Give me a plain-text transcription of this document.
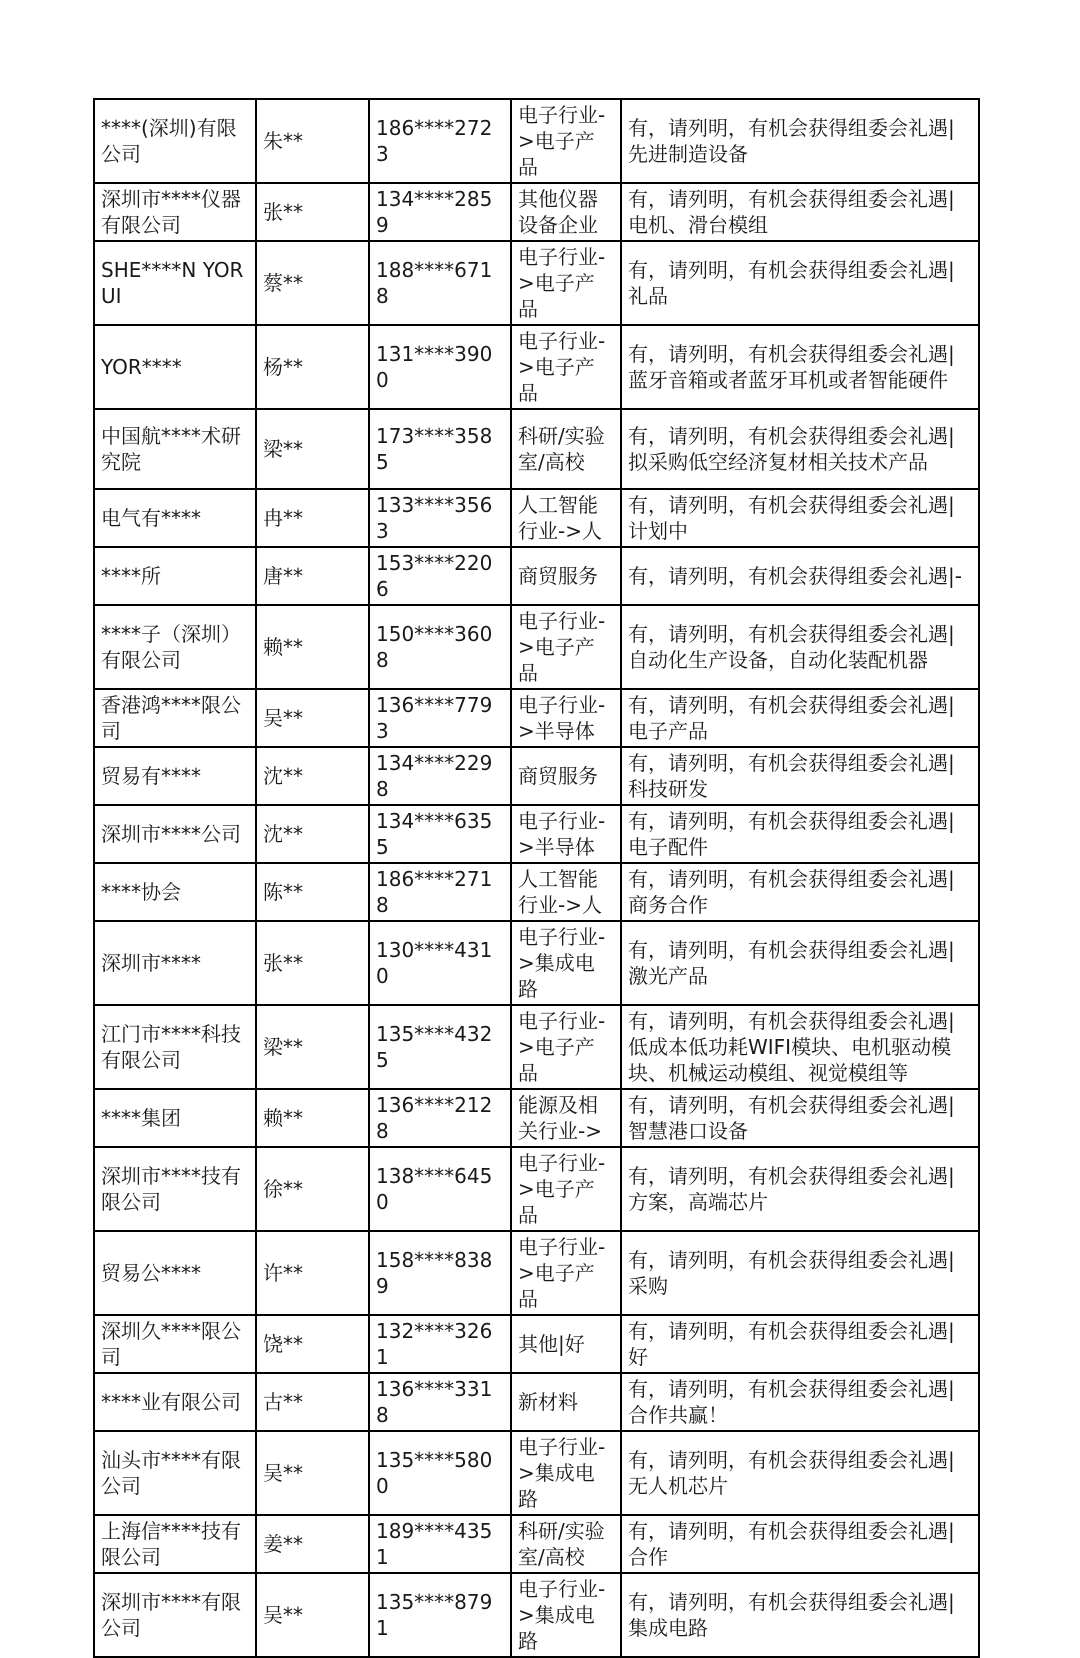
****(深圳)有限公司	朱**	186****2723	电子行业->电子产品	有，请列明，有机会获得组委会礼遇|先进制造设备
深圳市****仪器有限公司	张**	134****2859	其他仪器设备企业	有，请列明，有机会获得组委会礼遇|电机、滑台模组
SHE****N YORUI	蔡**	188****6718	电子行业->电子产品	有，请列明，有机会获得组委会礼遇|礼品
YOR****	杨**	131****3900	电子行业->电子产品	有，请列明，有机会获得组委会礼遇|蓝牙音箱或者蓝牙耳机或者智能硬件
中国航****术研究院	梁**	173****3585	科研/实验室/高校	有，请列明，有机会获得组委会礼遇|拟采购低空经济复材相关技术产品
电气有****	冉**	133****3563	人工智能行业->人	有，请列明，有机会获得组委会礼遇|计划中
****所	唐**	153****2206	商贸服务	有，请列明，有机会获得组委会礼遇|-
****子（深圳）有限公司	赖**	150****3608	电子行业->电子产品	有，请列明，有机会获得组委会礼遇|自动化生产设备，自动化装配机器
香港鸿****限公司	吴**	136****7793	电子行业->半导体	有，请列明，有机会获得组委会礼遇|电子产品
贸易有****	沈**	134****2298	商贸服务	有，请列明，有机会获得组委会礼遇|科技研发
深圳市****公司	沈**	134****6355	电子行业->半导体	有，请列明，有机会获得组委会礼遇|电子配件
****协会	陈**	186****2718	人工智能行业->人	有，请列明，有机会获得组委会礼遇|商务合作
深圳市****	张**	130****4310	电子行业->集成电路	有，请列明，有机会获得组委会礼遇|激光产品
江门市****科技有限公司	梁**	135****4325	电子行业->电子产品	有，请列明，有机会获得组委会礼遇|低成本低功耗WIFI模块、电机驱动模块、机械运动模组、视觉模组等
****集团	赖**	136****2128	能源及相关行业->	有，请列明，有机会获得组委会礼遇|智慧港口设备
深圳市****技有限公司	徐**	138****6450	电子行业->电子产品	有，请列明，有机会获得组委会礼遇|方案，高端芯片
贸易公****	许**	158****8389	电子行业->电子产品	有，请列明，有机会获得组委会礼遇|采购
深圳久****限公司	饶**	132****3261	其他|好	有，请列明，有机会获得组委会礼遇|好
****业有限公司	古**	136****3318	新材料	有，请列明，有机会获得组委会礼遇|合作共赢！
汕头市****有限公司	吴**	135****5800	电子行业->集成电路	有，请列明，有机会获得组委会礼遇|无人机芯片
上海信****技有限公司	姜**	189****4351	科研/实验室/高校	有，请列明，有机会获得组委会礼遇|合作
深圳市****有限公司	吴**	135****8791	电子行业->集成电路	有，请列明，有机会获得组委会礼遇|集成电路
